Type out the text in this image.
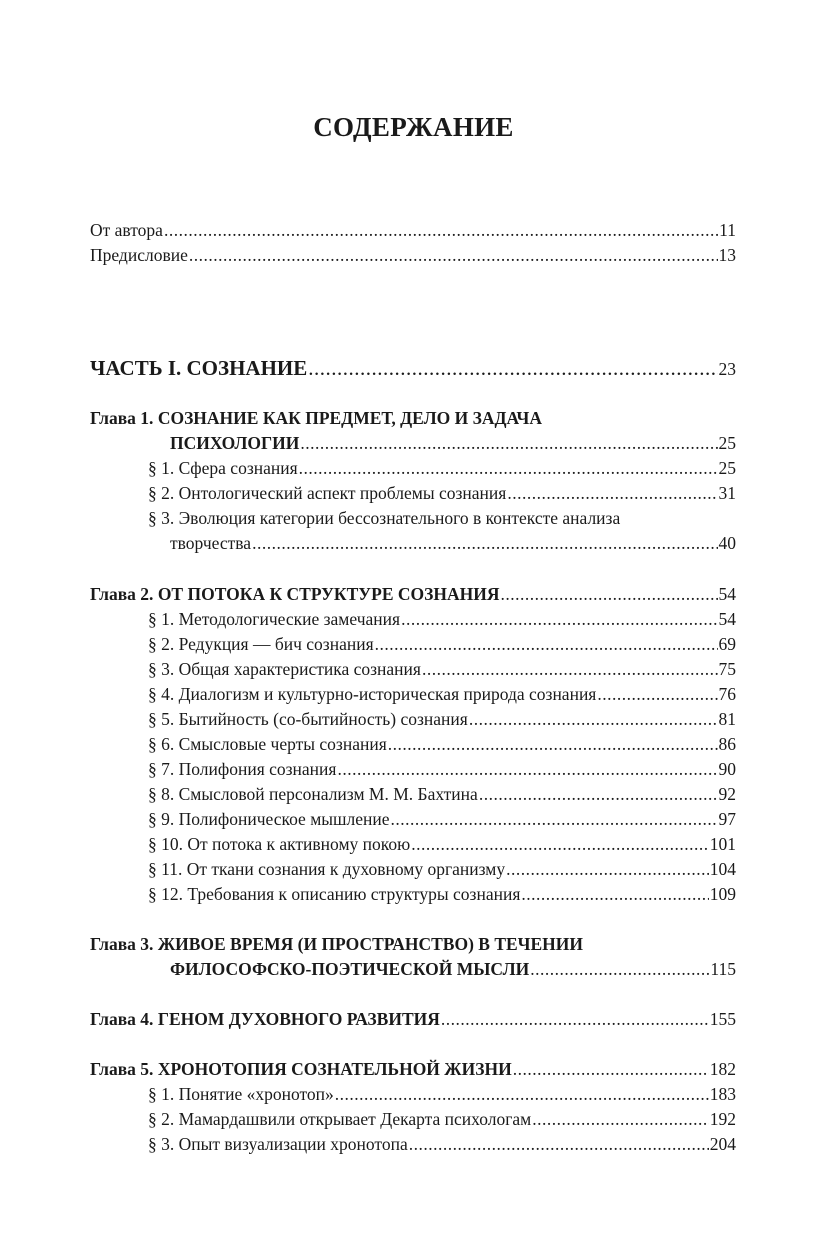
СОДЕРЖАНИЕ
От автора .....	11
Предисловие .....	13
ЧАСТЬ I. СОЗНАНИЕ .....	23
Глава 1. СОЗНАНИЕ КАК ПРЕДМЕТ, ДЕЛО И ЗАДАЧА
ПСИХОЛОГИИ .....	25
§ 1. Сфера сознания .....	25
§ 2. Онтологический аспект проблемы сознания .....	31
§ 3. Эволюция категории бессознательного в контексте анализа
творчества .....	40
Глава 2. ОТ ПОТОКА К СТРУКТУРЕ СОЗНАНИЯ .....	54
§ 1. Методологические замечания .....	54
§ 2. Редукция — бич сознания .....	69
§ 3. Общая характеристика сознания .....	75
§ 4. Диалогизм и культурно-историческая природа сознания .....	76
§ 5. Бытийность (со-бытийность) сознания .....	81
§ 6. Смысловые черты сознания .....	86
§ 7. Полифония сознания .....	90
§ 8. Смысловой персонализм М. М. Бахтина .....	92
§ 9. Полифоническое мышление .....	97
§ 10. От потока к активному покою .....	101
§ 11. От ткани сознания к духовному организму .....	104
§ 12. Требования к описанию структуры сознания .....	109
Глава 3. ЖИВОЕ ВРЕМЯ (И ПРОСТРАНСТВО) В ТЕЧЕНИИ
ФИЛОСОФСКО-ПОЭТИЧЕСКОЙ МЫСЛИ .....	115
Глава 4. ГЕНОМ ДУХОВНОГО РАЗВИТИЯ .....	155
Глава 5. ХРОНОТОПИЯ СОЗНАТЕЛЬНОЙ ЖИЗНИ .....	182
§ 1. Понятие «хронотоп» .....	183
§ 2. Мамардашвили открывает Декарта психологам .....	192
§ 3. Опыт визуализации хронотопа .....	204
